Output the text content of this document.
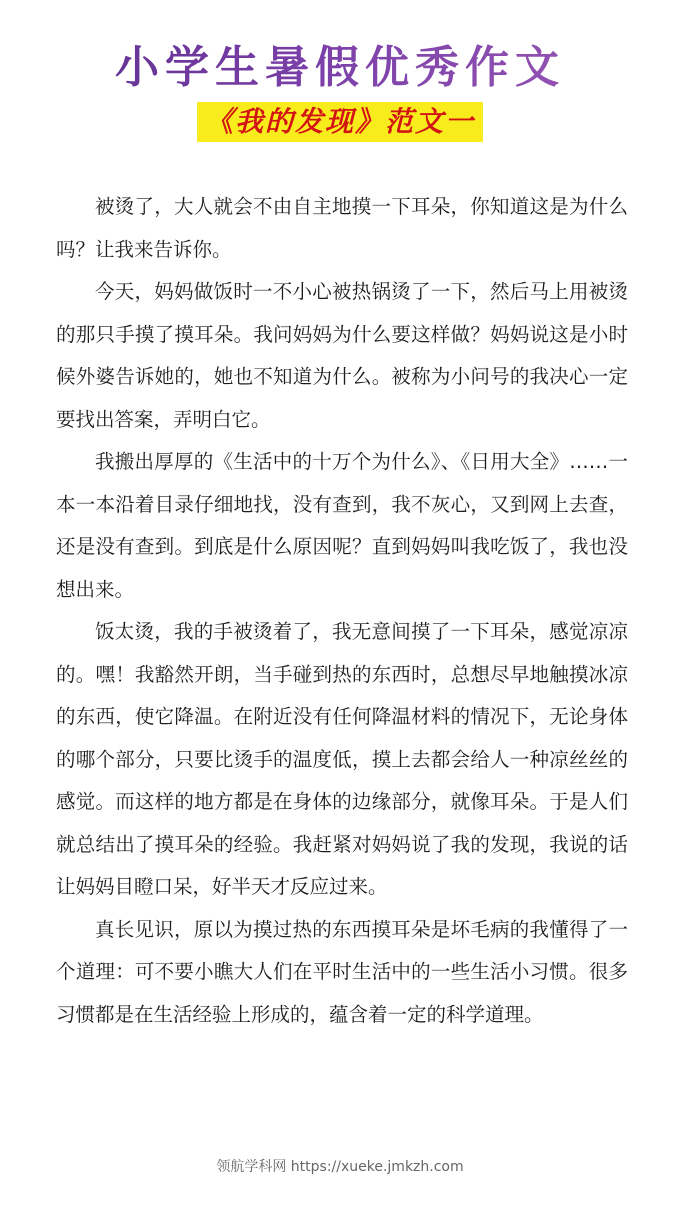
小学生暑假优秀作文
《我的发现》范文一

被烫了，大人就会不由自主地摸一下耳朵，你知道这是为什么吗？让我来告诉你。

今天，妈妈做饭时一不小心被热锅烫了一下，然后马上用被烫的那只手摸了摸耳朵。我问妈妈为什么要这样做？妈妈说这是小时候外婆告诉她的，她也不知道为什么。被称为小问号的我决心一定要找出答案，弄明白它。

我搬出厚厚的《生活中的十万个为什么》、《日用大全》……一本一本沿着目录仔细地找，没有查到，我不灰心，又到网上去查，还是没有查到。到底是什么原因呢？直到妈妈叫我吃饭了，我也没想出来。

饭太烫，我的手被烫着了，我无意间摸了一下耳朵，感觉凉凉的。嘿！我豁然开朗，当手碰到热的东西时，总想尽早地触摸冰凉的东西，使它降温。在附近没有任何降温材料的情况下，无论身体的哪个部分，只要比烫手的温度低，摸上去都会给人一种凉丝丝的感觉。而这样的地方都是在身体的边缘部分，就像耳朵。于是人们就总结出了摸耳朵的经验。我赶紧对妈妈说了我的发现，我说的话让妈妈目瞪口呆，好半天才反应过来。

真长见识，原以为摸过热的东西摸耳朵是坏毛病的我懂得了一个道理：可不要小瞧大人们在平时生活中的一些生活小习惯。很多习惯都是在生活经验上形成的，蕴含着一定的科学道理。

领航学科网 https://xueke.jmkzh.com
